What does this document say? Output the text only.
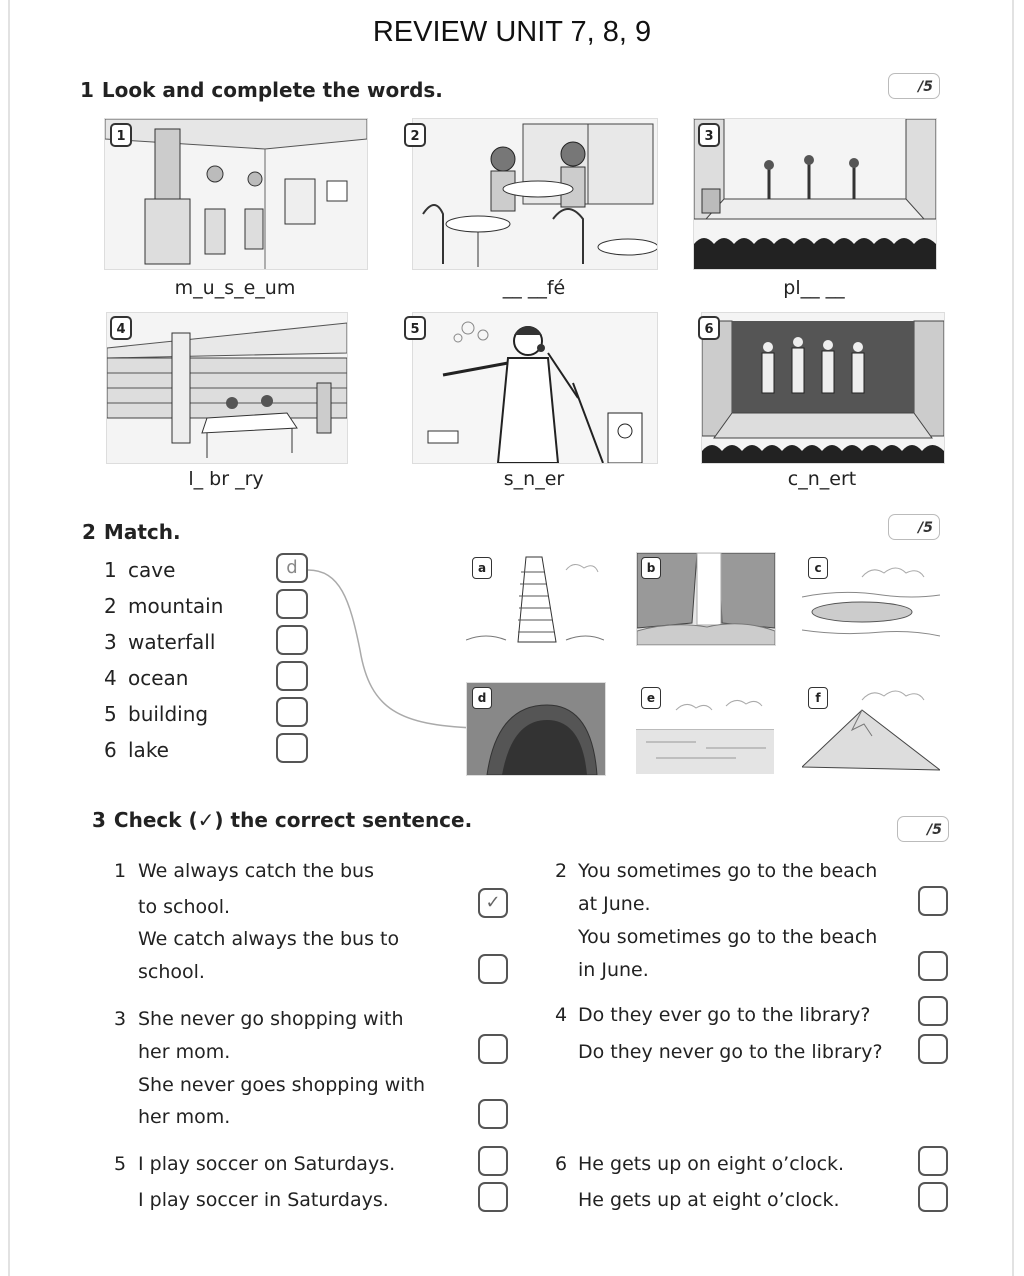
REVIEW UNIT 7, 8, 9
1 Look and complete the words.	/5
1	2	3
m_u_s_e_um	__ __fé	pl__ __
4	5	6
l_ br _ry	s_n_er	c_n_ert
2 Match.	/5
1 cave
2 mountain
3 waterfall
4 ocean
5 building
6 lake
d	a	b	c
d	e	f
3 Check (✓) the correct sentence.	/5
1 We always catch the bus
to school.
We catch always the bus to
school.
✓
2 You sometimes go to the beach
at June.
You sometimes go to the beach
in June.
3 She never go shopping with
her mom.
She never goes shopping with
her mom.
4 Do they ever go to the library?
Do they never go to the library?
5 I play soccer on Saturdays.
I play soccer in Saturdays.
6 He gets up on eight o’clock.
He gets up at eight o’clock.
